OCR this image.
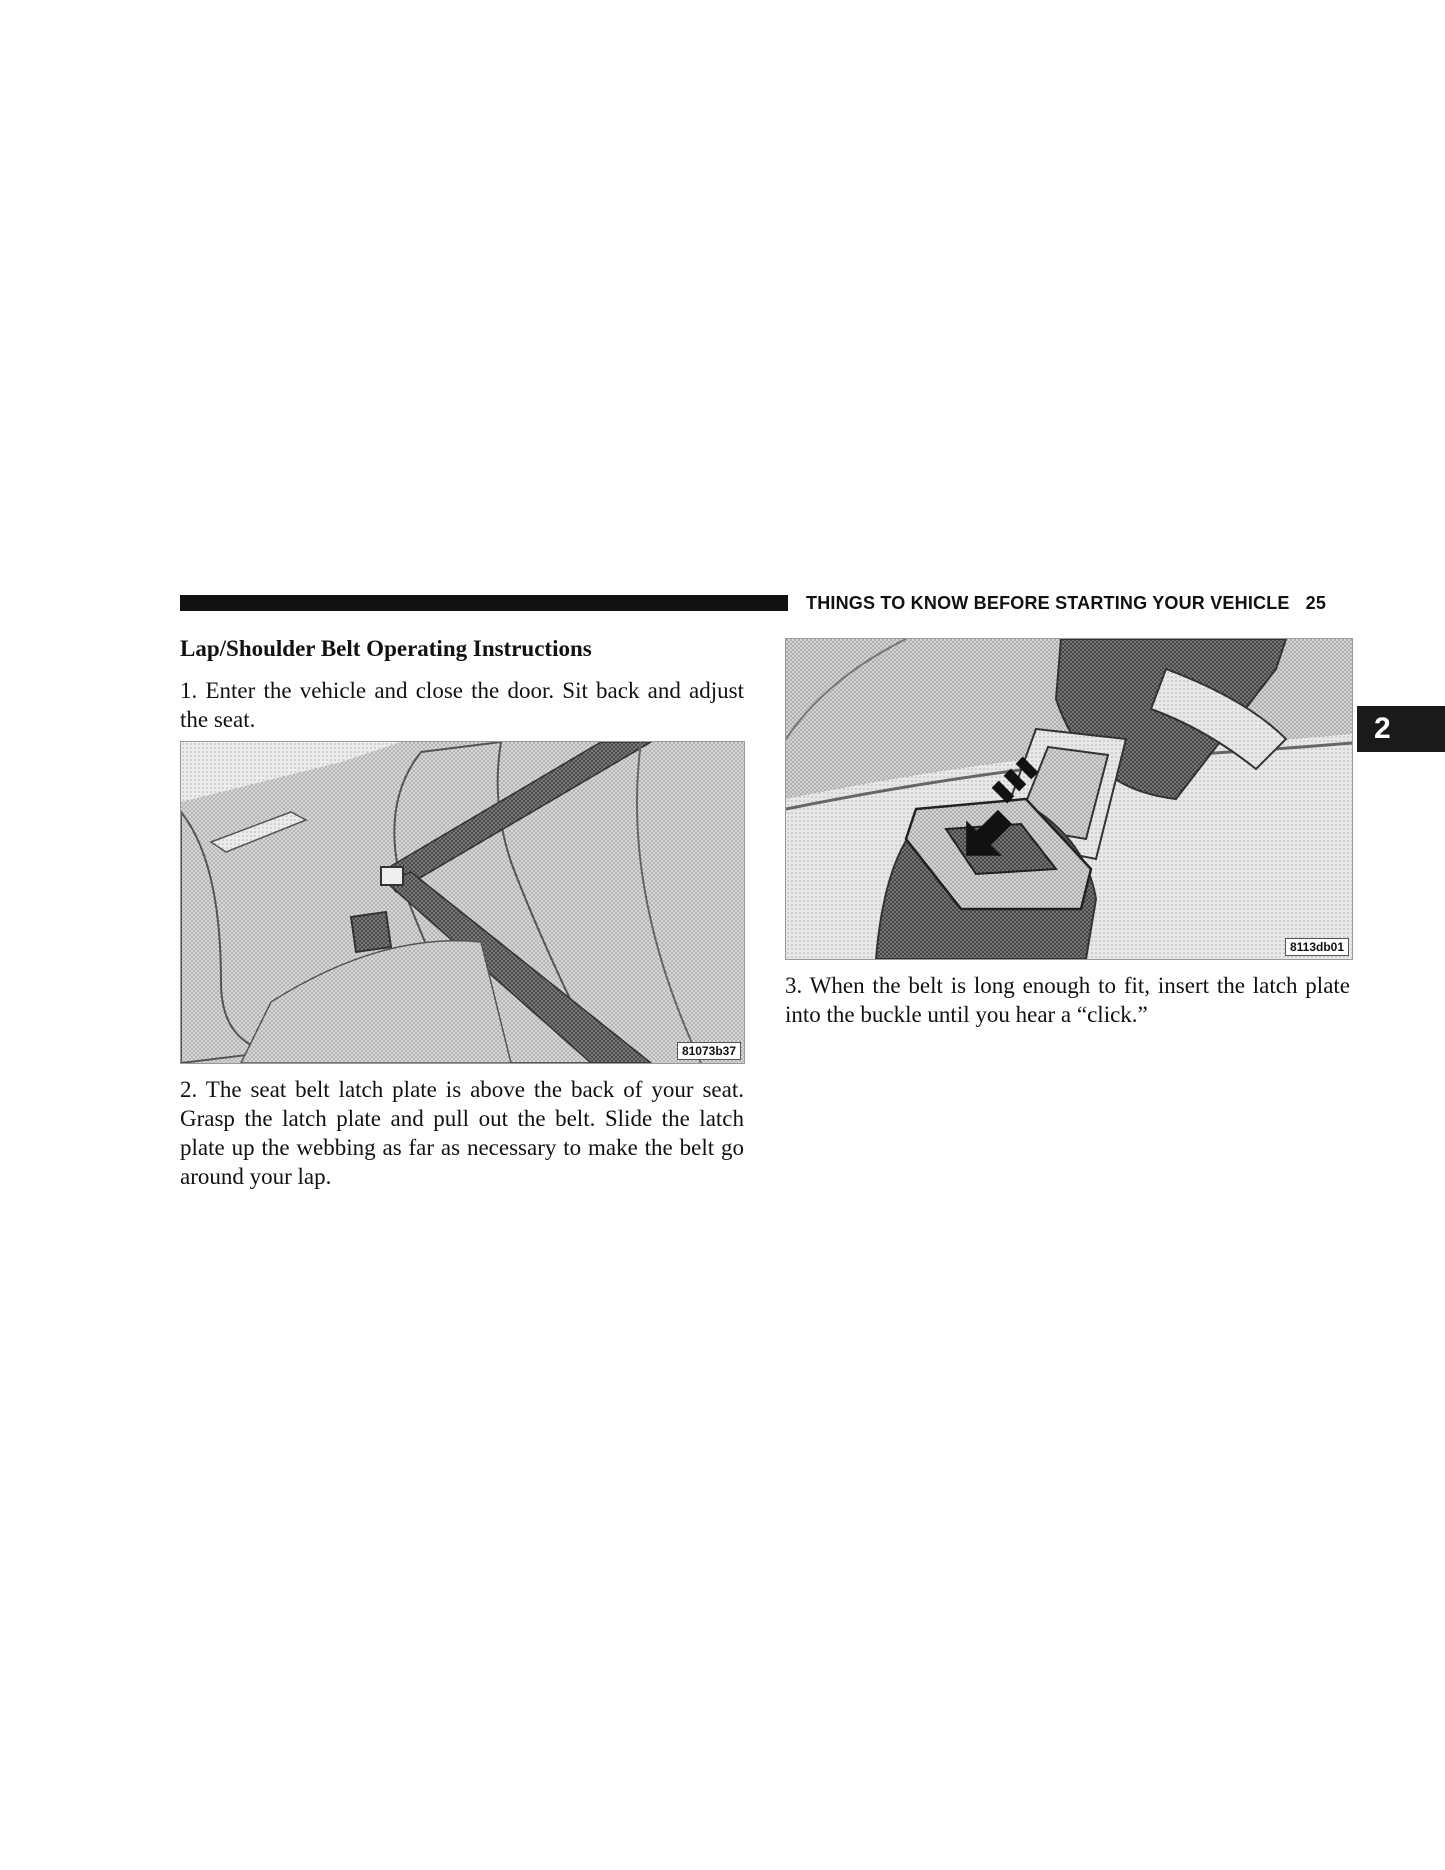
THINGS TO KNOW BEFORE STARTING YOUR VEHICLE 25
2
Lap/Shoulder Belt Operating Instructions

1. Enter the vehicle and close the door. Sit back and adjust the seat.

81073b37

2. The seat belt latch plate is above the back of your seat. Grasp the latch plate and pull out the belt. Slide the latch plate up the webbing as far as necessary to make the belt go around your lap.

8113db01

3. When the belt is long enough to fit, insert the latch plate into the buckle until you hear a “click.”
